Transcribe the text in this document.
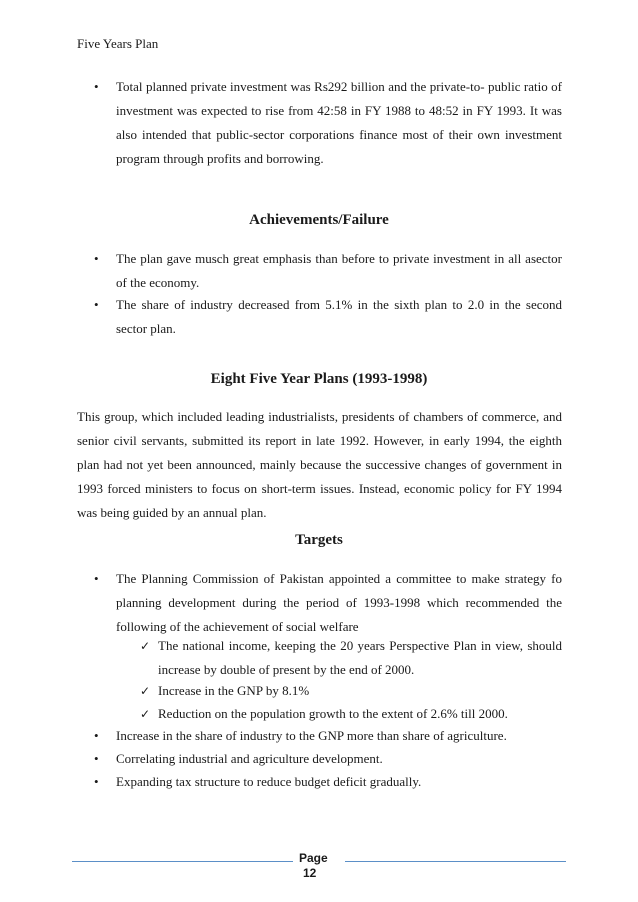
Five Years Plan
• Total planned private investment was Rs292 billion and the private-to- public ratio of investment was expected to rise from 42:58 in FY 1988 to 48:52 in FY 1993. It was also intended that public-sector corporations finance most of their own investment program through profits and borrowing.
Achievements/Failure
• The plan gave musch great emphasis than before to private investment in all asector of the economy.
• The share of industry decreased from 5.1% in the sixth plan to 2.0 in the second sector plan.
Eight Five Year Plans (1993-1998)
This group, which included leading industrialists, presidents of chambers of commerce, and senior civil servants, submitted its report in late 1992. However, in early 1994, the eighth plan had not yet been announced, mainly because the successive changes of government in 1993 forced ministers to focus on short-term issues. Instead, economic policy for FY 1994 was being guided by an annual plan.
Targets
• The Planning Commission of Pakistan appointed a committee to make strategy fo planning development during the period of 1993-1998 which recommended the following of the achievement of social welfare
✓ The national income, keeping the 20 years Perspective Plan in view, should increase by double of present by the end of 2000.
✓ Increase in the GNP by 8.1%
✓ Reduction on the population growth to the extent of 2.6% till 2000.
• Increase in the share of industry to the GNP more than share of agriculture.
• Correlating industrial and agriculture development.
• Expanding tax structure to reduce budget deficit gradually.
Page
12
